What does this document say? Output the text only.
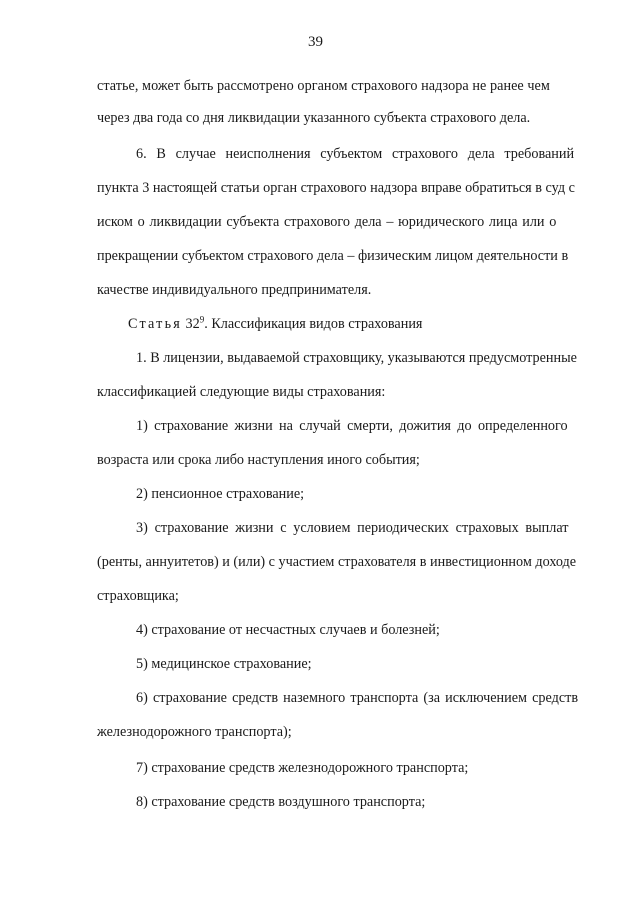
39
статье, может быть рассмотрено органом страхового надзора не ранее чем
через два года со дня ликвидации указанного субъекта страхового дела.
6. В случае неисполнения субъектом страхового дела требований
пункта 3 настоящей статьи орган страхового надзора вправе обратиться в суд с
иском о ликвидации субъекта страхового дела – юридического лица или о
прекращении субъектом страхового дела – физическим лицом деятельности в
качестве индивидуального предпринимателя.
Статья $32^9$. Классификация видов страхования
1. В лицензии, выдаваемой страховщику, указываются предусмотренные
классификацией следующие виды страхования:
1) страхование жизни на случай смерти, дожития до определенного
возраста или срока либо наступления иного события;
2) пенсионное страхование;
3) страхование жизни с условием периодических страховых выплат
(ренты, аннуитетов) и (или) с участием страхователя в инвестиционном доходе
страховщика;
4) страхование от несчастных случаев и болезней;
5) медицинское страхование;
6) страхование средств наземного транспорта (за исключением средств
железнодорожного транспорта);
7) страхование средств железнодорожного транспорта;
8) страхование средств воздушного транспорта;
